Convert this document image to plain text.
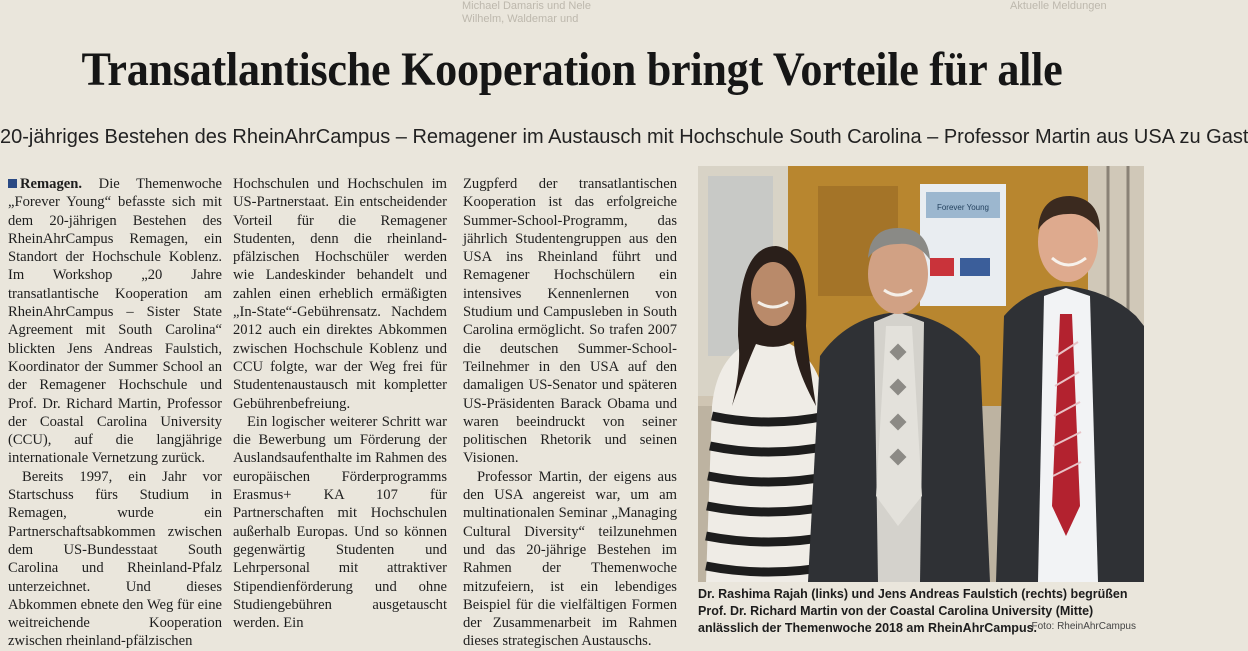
Michael Damaris und Nele
Wilhelm, Waldemar und
Aktuelle Meldungen
Transatlantische Kooperation bringt Vorteile für alle
20-jähriges Bestehen des RheinAhrCampus – Remagener im Austausch mit Hochschule South Carolina – Professor Martin aus USA zu Gast

Remagen. Die Themenwoche „Forever Young“ befasste sich mit dem 20-jährigen Bestehen des RheinAhrCampus Remagen, ein Standort der Hochschule Koblenz. Im Workshop „20 Jahre transatlantische Kooperation am RheinAhrCampus – Sister State Agreement mit South Carolina“ blickten Jens Andreas Faulstich, Koordinator der Summer School an der Remagener Hochschule und Prof. Dr. Richard Martin, Professor der Coastal Carolina University (CCU), auf die langjährige internationale Vernetzung zurück.

Bereits 1997, ein Jahr vor Startschuss fürs Studium in Remagen, wurde ein Partnerschaftsabkommen zwischen dem US-Bundesstaat South Carolina und Rheinland-Pfalz unterzeichnet. Und dieses Abkommen ebnete den Weg für eine weitreichende Kooperation zwischen rheinland-pfälzischen

Hochschulen und Hochschulen im US-Partnerstaat. Ein entscheidender Vorteil für die Remagener Studenten, denn die rheinland-pfälzischen Hochschüler werden wie Landeskinder behandelt und zahlen einen erheblich ermäßigten „In-State“-Gebührensatz. Nachdem 2012 auch ein direktes Abkommen zwischen Hochschule Koblenz und CCU folgte, war der Weg frei für Studentenaustausch mit kompletter Gebührenbefreiung.

Ein logischer weiterer Schritt war die Bewerbung um Förderung der Auslandsaufenthalte im Rahmen des europäischen Förderprogramms Erasmus+ KA 107 für Partnerschaften mit Hochschulen außerhalb Europas. Und so können gegenwärtig Studenten und Lehrpersonal mit attraktiver Stipendienförderung und ohne Studiengebühren ausgetauscht werden. Ein

Zugpferd der transatlantischen Kooperation ist das erfolgreiche Summer-School-Programm, das jährlich Studentengruppen aus den USA ins Rheinland führt und Remagener Hochschülern ein intensives Kennenlernen von Studium und Campusleben in South Carolina ermöglicht. So trafen 2007 die deutschen Summer-School-Teilnehmer in den USA auf den damaligen US-Senator und späteren US-Präsidenten Barack Obama und waren beeindruckt von seiner politischen Rhetorik und seinen Visionen.

Professor Martin, der eigens aus den USA angereist war, um am multinationalen Seminar „Managing Cultural Diversity“ teilzunehmen und das 20-jährige Bestehen im Rahmen der Themenwoche mitzufeiern, ist ein lebendiges Beispiel für die vielfältigen Formen der Zusammenarbeit im Rahmen dieses strategischen Austauschs.

Forever Young
Dr. Rashima Rajah (links) und Jens Andreas Faulstich (rechts) begrüßen Prof. Dr. Richard Martin von der Coastal Carolina University (Mitte) anlässlich der Themenwoche 2018 am RheinAhrCampus.
Foto: RheinAhrCampus
